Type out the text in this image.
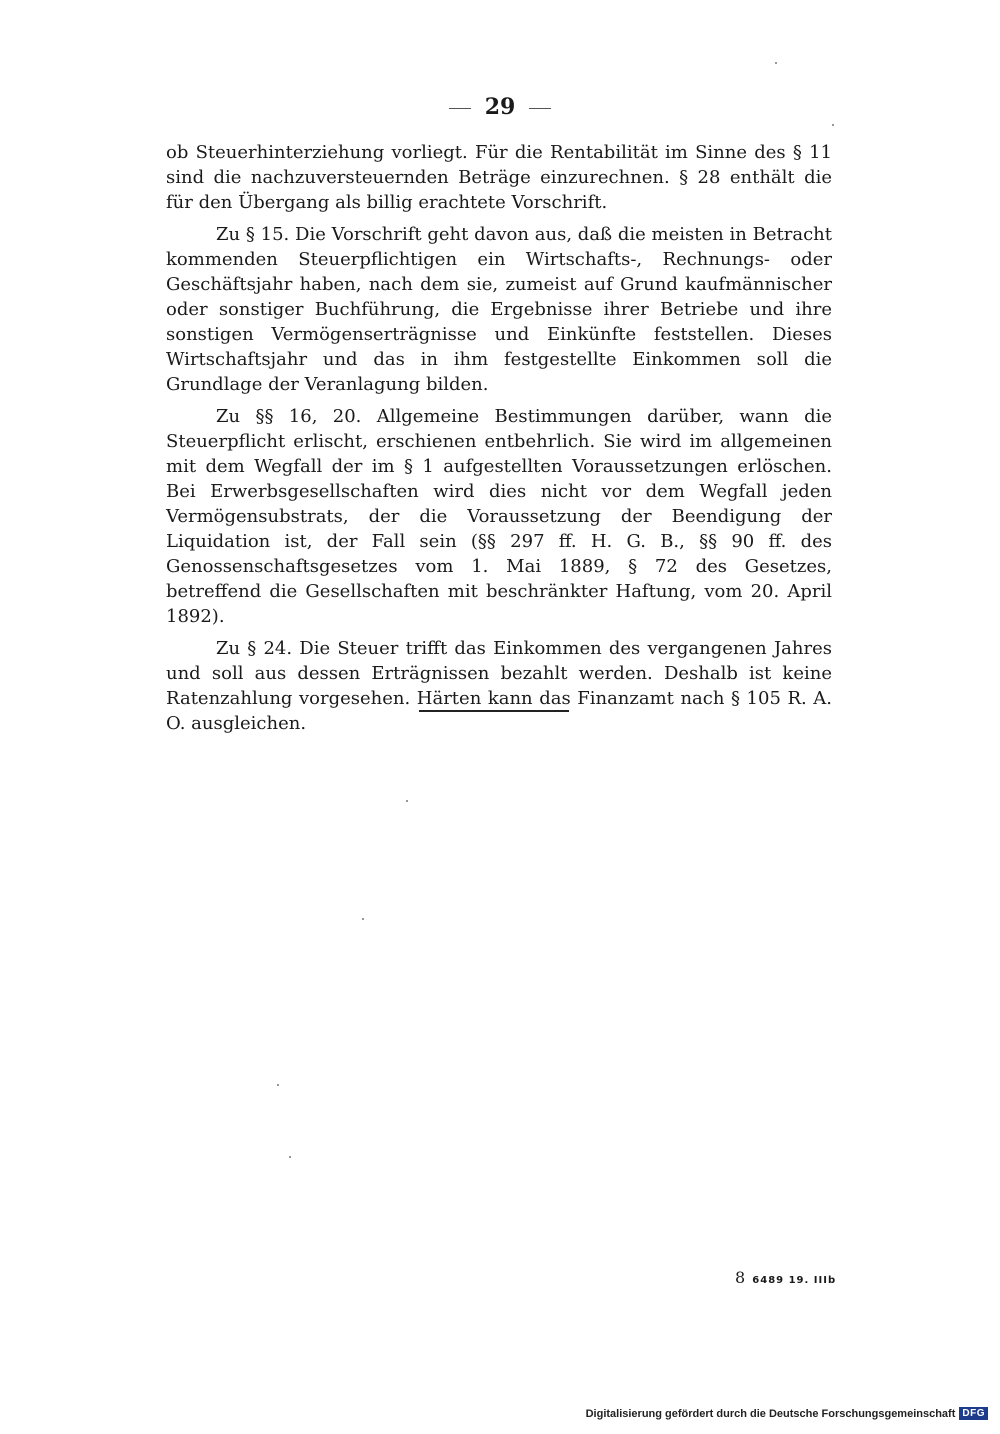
29

ob Steuerhinterziehung vorliegt. Für die Rentabilität im Sinne des § 11 sind die nachzuversteuernden Beträge einzurechnen. § 28 enthält die für den Übergang als billig erachtete Vorschrift.

Zu § 15. Die Vorschrift geht davon aus, daß die meisten in Betracht kommenden Steuerpflichtigen ein Wirtschafts-, Rechnungs- oder Geschäftsjahr haben, nach dem sie, zumeist auf Grund kaufmännischer oder sonstiger Buchführung, die Ergebnisse ihrer Betriebe und ihre sonstigen Vermögenserträgnisse und Einkünfte feststellen. Dieses Wirtschaftsjahr und das in ihm festgestellte Einkommen soll die Grundlage der Veranlagung bilden.

Zu §§ 16, 20. Allgemeine Bestimmungen darüber, wann die Steuerpflicht erlischt, erschienen entbehrlich. Sie wird im allgemeinen mit dem Wegfall der im § 1 aufgestellten Voraussetzungen erlöschen. Bei Erwerbsgesellschaften wird dies nicht vor dem Wegfall jeden Vermögensubstrats, der die Voraussetzung der Beendigung der Liquidation ist, der Fall sein (§§ 297 ff. H. G. B., §§ 90 ff. des Genossenschaftsgesetzes vom 1. Mai 1889, § 72 des Gesetzes, betreffend die Gesellschaften mit beschränkter Haftung, vom 20. April 1892).

Zu § 24. Die Steuer trifft das Einkommen des vergangenen Jahres und soll aus dessen Erträgnissen bezahlt werden. Deshalb ist keine Ratenzahlung vorgesehen. Härten kann das Finanzamt nach § 105 R. A. O. ausgleichen.

8 6489 19. IIIb
Digitalisierung gefördert durch die Deutsche Forschungsgemeinschaft DFG
